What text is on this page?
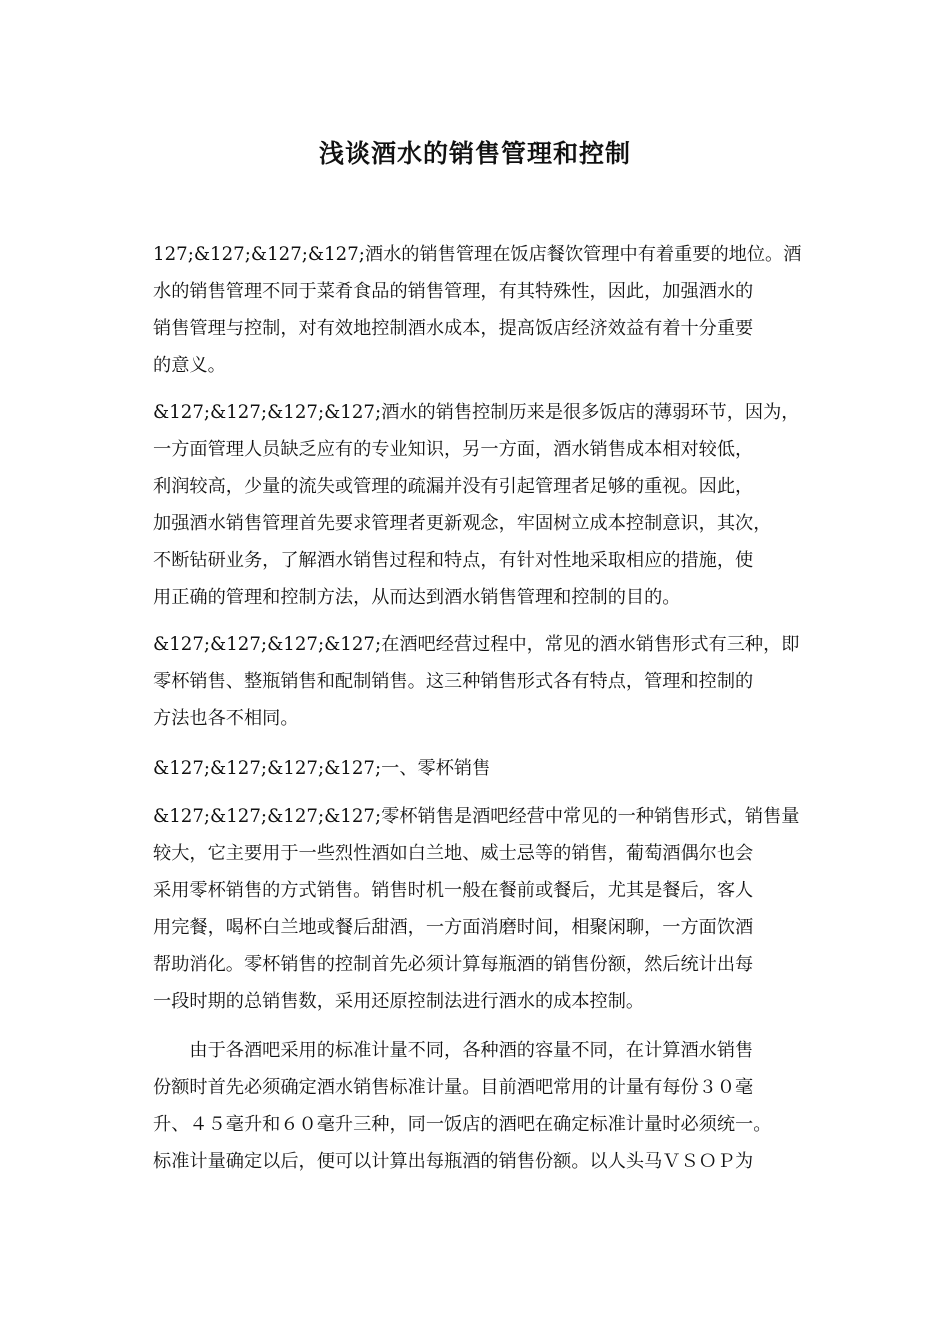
浅谈酒水的销售管理和控制
127;&127;&127;&127;酒水的销售管理在饭店餐饮管理中有着重要的地位。酒
水的销售管理不同于菜肴食品的销售管理，有其特殊性，因此，加强酒水的
销售管理与控制，对有效地控制酒水成本，提高饭店经济效益有着十分重要
的意义。
&127;&127;&127;&127;酒水的销售控制历来是很多饭店的薄弱环节，因为，
一方面管理人员缺乏应有的专业知识，另一方面，酒水销售成本相对较低，
利润较高，少量的流失或管理的疏漏并没有引起管理者足够的重视。因此，
加强酒水销售管理首先要求管理者更新观念，牢固树立成本控制意识，其次，
不断钻研业务，了解酒水销售过程和特点，有针对性地采取相应的措施，使
用正确的管理和控制方法，从而达到酒水销售管理和控制的目的。
&127;&127;&127;&127;在酒吧经营过程中，常见的酒水销售形式有三种，即
零杯销售、整瓶销售和配制销售。这三种销售形式各有特点，管理和控制的
方法也各不相同。
&127;&127;&127;&127;一、零杯销售
&127;&127;&127;&127;零杯销售是酒吧经营中常见的一种销售形式，销售量
较大，它主要用于一些烈性酒如白兰地、威士忌等的销售，葡萄酒偶尔也会
采用零杯销售的方式销售。销售时机一般在餐前或餐后，尤其是餐后，客人
用完餐，喝杯白兰地或餐后甜酒，一方面消磨时间，相聚闲聊，一方面饮酒
帮助消化。零杯销售的控制首先必须计算每瓶酒的销售份额，然后统计出每
一段时期的总销售数，采用还原控制法进行酒水的成本控制。
　　由于各酒吧采用的标准计量不同，各种酒的容量不同，在计算酒水销售
份额时首先必须确定酒水销售标准计量。目前酒吧常用的计量有每份３０毫
升、４５毫升和６０毫升三种，同一饭店的酒吧在确定标准计量时必须统一。
标准计量确定以后，便可以计算出每瓶酒的销售份额。以人头马ＶＳＯＰ为
